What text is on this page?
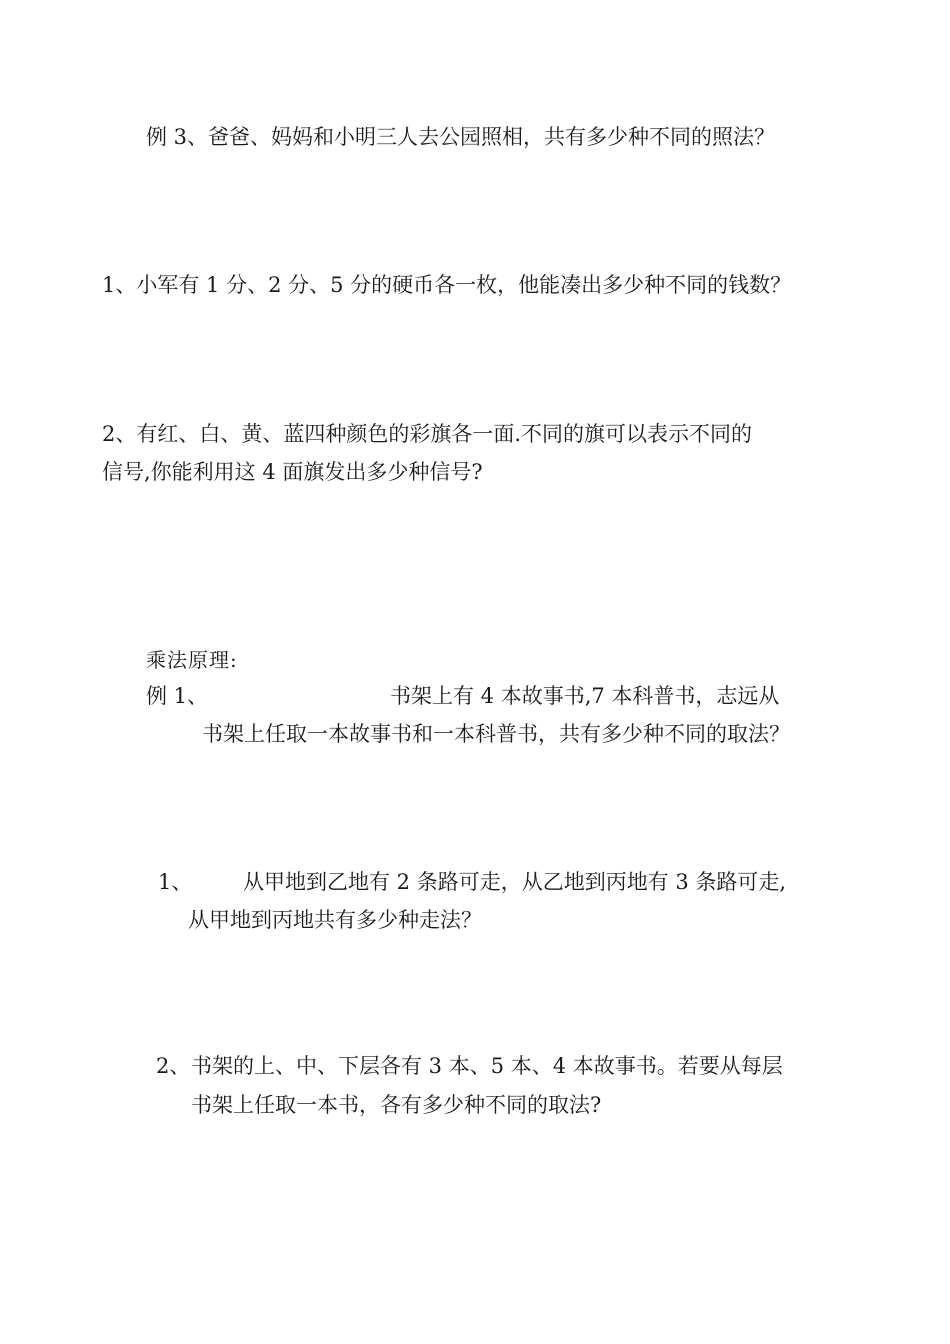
例 3、爸爸、妈妈和小明三人去公园照相，共有多少种不同的照法？
1、小军有 1 分、2 分、5 分的硬币各一枚，他能凑出多少种不同的钱数？
2、有红、白、黄、蓝四种颜色的彩旗各一面.不同的旗可以表示不同的
信号,你能利用这 4 面旗发出多少种信号?
乘法原理:
例 1、	书架上有 4 本故事书,7 本科普书，志远从
书架上任取一本故事书和一本科普书，共有多少种不同的取法？
1、 从甲地到乙地有 2 条路可走，从乙地到丙地有 3 条路可走,
从甲地到丙地共有多少种走法？
2、 书架的上、中、下层各有 3 本、5 本、4 本故事书。若要从每层
书架上任取一本书，各有多少种不同的取法?
